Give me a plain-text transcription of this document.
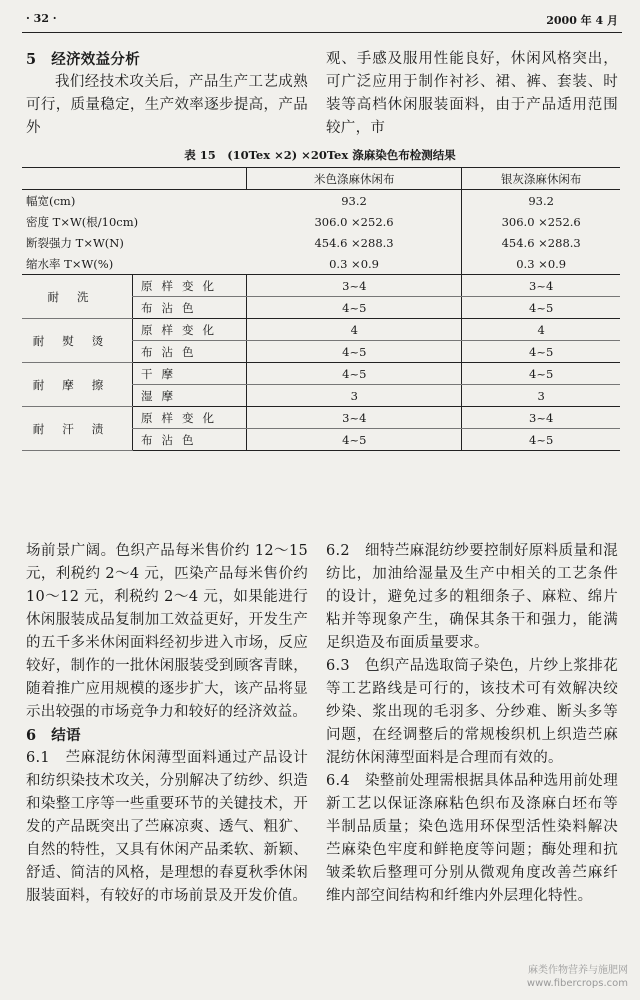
· 32 ·	2000 年 4 月

5　经济效益分析

我们经技术攻关后，产品生产工艺成熟可行，质量稳定，生产效率逐步提高，产品外

观、手感及服用性能良好，休闲风格突出，可广泛应用于制作衬衫、裙、裤、套装、时装等高档休闲服装面料，由于产品适用范围较广，市

表 15　(10Tex ×2) ×20Tex 涤麻染色布检测结果
		米色涤麻休闲布	银灰涤麻休闲布
幅宽(cm)		93.2	93.2
密度 T×W(根/10cm)		306.0 ×252.6	306.0 ×252.6
断裂强力 T×W(N)		454.6 ×288.3	454.6 ×288.3
缩水率 T×W(%)		0.3 ×0.9	0.3 ×0.9
耐洗	原样变化	3~4	3~4
	布沾色	4~5	4~5
耐熨烫	原样变化	4	4
	布沾色	4~5	4~5
耐摩擦	干摩	4~5	4~5
	湿摩	3	3
耐汗渍	原样变化	3~4	3~4
	布沾色	4~5	4~5

场前景广阔。色织产品每米售价约 12～15 元，利税约 2～4 元，匹染产品每米售价约 10～12 元，利税约 2～4 元，如果能进行休闲服装成品复制加工效益更好，开发生产的五千多米休闲面料经初步进入市场，反应较好，制作的一批休闲服装受到顾客青睐，随着推广应用规模的逐步扩大，该产品将显示出较强的市场竞争力和较好的经济效益。

6　结语

6.1　苎麻混纺休闲薄型面料通过产品设计和纺织染技术攻关，分别解决了纺纱、织造和染整工序等一些重要环节的关键技术，开发的产品既突出了苎麻凉爽、透气、粗犷、自然的特性，又具有休闲产品柔软、新颖、舒适、简洁的风格，是理想的春夏秋季休闲服装面料，有较好的市场前景及开发价值。

6.2　细特苎麻混纺纱要控制好原料质量和混纺比，加油给湿量及生产中相关的工艺条件的设计，避免过多的粗细条子、麻粒、绵片粘并等现象产生，确保其条干和强力，能满足织造及布面质量要求。

6.3　色织产品选取筒子染色，片纱上浆排花等工艺路线是可行的，该技术可有效解决绞纱染、浆出现的毛羽多、分纱难、断头多等问题，在经调整后的常规梭织机上织造苎麻混纺休闲薄型面料是合理而有效的。

6.4　染整前处理需根据具体品种选用前处理新工艺以保证涤麻粘色织布及涤麻白坯布等半制品质量；染色选用环保型活性染料解决苎麻染色牢度和鲜艳度等问题；酶处理和抗皱柔软后整理可分别从微观角度改善苎麻纤维内部空间结构和纤维内外层理化特性。

麻类作物营养与施肥网
www.fibercrops.com
